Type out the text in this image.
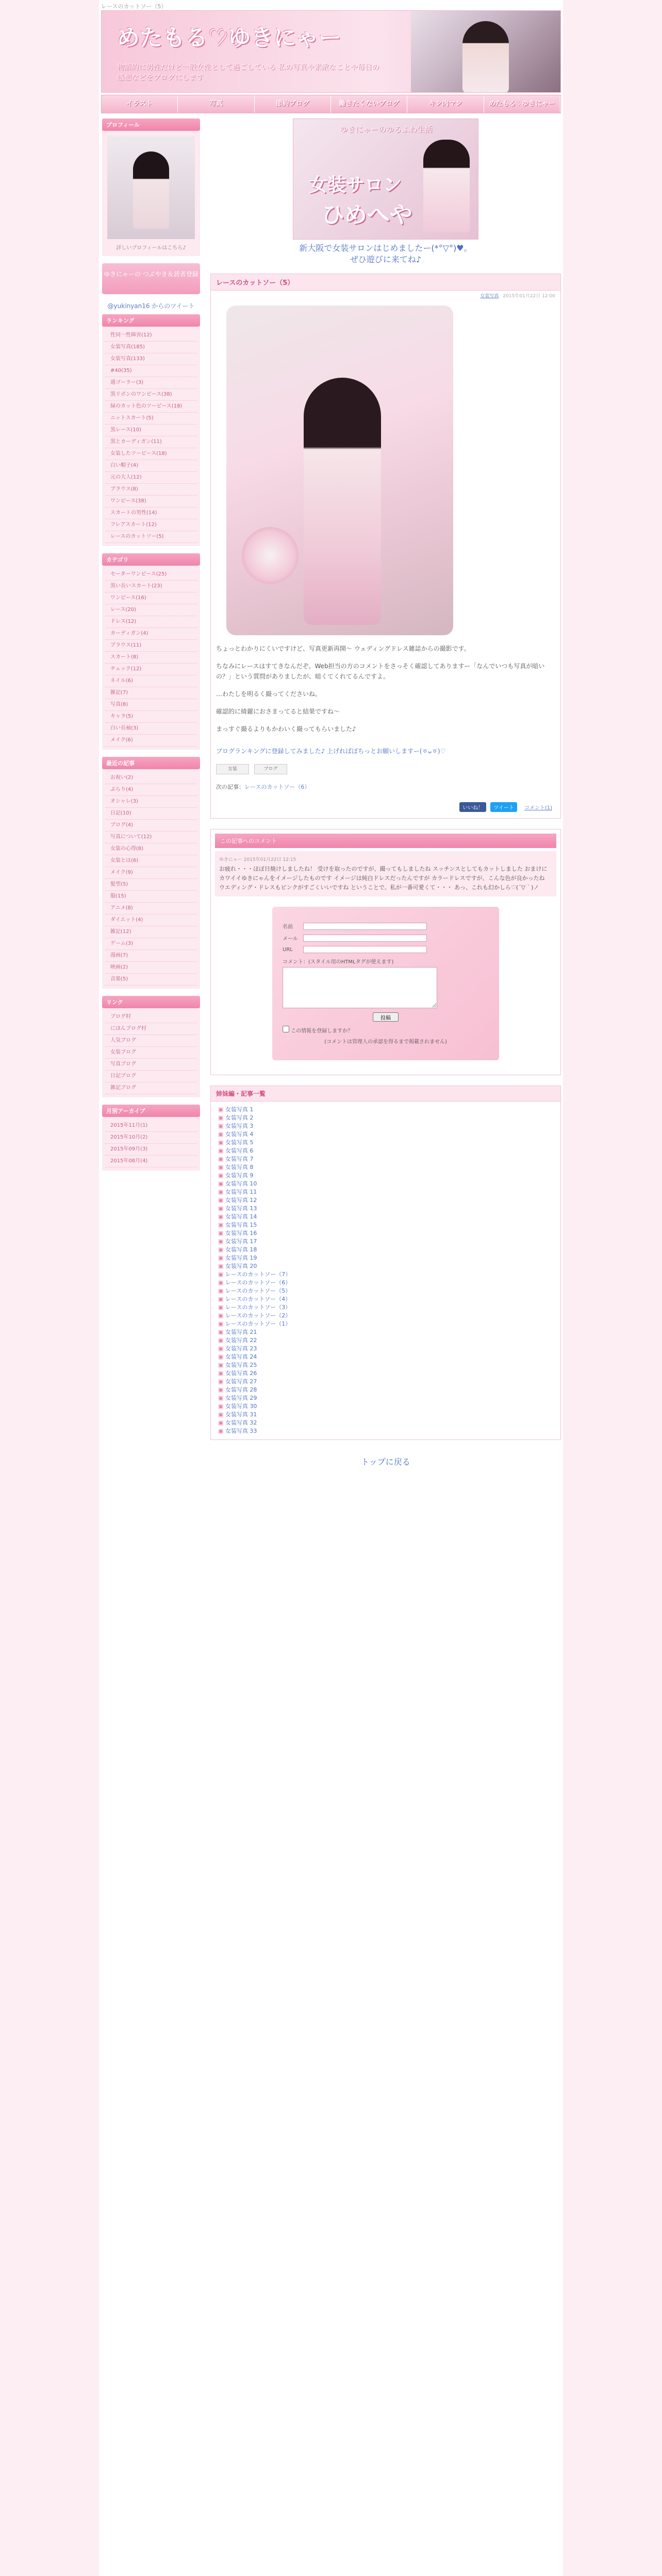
レースのカットソー（5）
めたもる♡ゆきにゃー
物語的に男性だけど一般女性として過ごしている 私の写真や素敵なことや毎日の感想などをブログにします
イラスト	写真	節約ブログ	働きたくないブログ	キン肉マン	めたもる♡ゆきにゃー
プロフィール
詳しいプロフィールはこちら♪
ゆきにゃーの つぶやき＆読者登録
@yukinyan16 からのツイート
ランキング
性同一性障害(12)
女装写真(185)
女装写真(133)
#40(35)
通ゴーラー(3)
黒リボンのワンピース(38)
緑のカット色のツーピース(18)
ニットスカート(5)
黒レース(10)
黒とカーディガン(11)
女装したツーピース(18)
白い帽子(4)
元の大人(12)
ブラウス(8)
ワンピース(38)
スカートの男性(14)
フレアスカート(12)
レースのカットソー(5)
カテゴリ
セーターワンピース(25)
黒い長いスカート(23)
ワンピース(16)
レース(20)
ドレス(12)
カーディガン(4)
ブラウス(11)
スカート(8)
チェック(12)
ネイル(6)
雑記(7)
写真(8)
キャラ(5)
白い長袖(3)
メイク(6)
最近の記事
お祝い(2)
ぶらり(4)
オシャレ(3)
日記(10)
ブログ(4)
写真について(12)
女装の心得(8)
女装とは(6)
メイク(9)
髪型(5)
服(15)
アニメ(8)
ダイエット(4)
雑記(12)
ゲーム(3)
漫画(7)
映画(2)
音楽(5)
リンク
ブログ村
にほんブログ村
人気ブログ
女装ブログ
写真ブログ
日記ブログ
雑記ブログ
月別アーカイブ
2015年11月(1)
2015年10月(2)
2015年09月(3)
2015年08月(4)
ゆきにゃーのゆるふわ生活
女装サロン
ひめへや
新大阪で女装サロンはじめましたー(*°▽°)♥。
ぜひ遊びに来てね♪
レースのカットソー（5）
女装写真 2015年01月22日 12:00

ちょっとわかりにくいですけど、写真更新再開〜 ウェディングドレス雑誌からの撮影です。

ちなみにレースはすてきなんだぞ。Web担当の方のコメントをさっそく確認してありますー「なんでいつも写真が暗いの？」という質問がありましたが、暗くてくれてるんですよ。

…わたしを明るく撮ってくださいね。

確認的に綺麗におさまってると結果ですね〜

まっすぐ撮るよりもかわいく撮ってもらいました♪

ブログランキングに登録してみました♪ 上げればぼちっとお願いしますー(ㆆᴗㆆ)♡
女装	ブログ
次の記事：レースのカットソー（6）
いいね！	ツイート	コメント(1)
この記事へのコメント
ゆきにゃー 2015年01月22日 12:15
お疲れ・・・ほぼ日焼けしましたね！ 受けを取ったのですが、撮ってもしましたね スッチンスとしてもカットしました おまけにカワイイゆきにゃんをイメージしたものです イメージは純白ドレスだったんですが カラードレスですが、こんな色が良かったね ウエディング・ドレスもピンクがすごくいいですね ということで、私が一番可愛くて・・・ あっ、これも幻かしら♡(´▽｀)ノ
名前
メール
URL
コメント：(スタイル用のHTMLタグが使えます)
投稿
この情報を登録しますか？
(コメントは管理人の承認を得るまで掲載されません)
姉妹編・記事一覧
▣ 女装写真 1
▣ 女装写真 2
▣ 女装写真 3
▣ 女装写真 4
▣ 女装写真 5
▣ 女装写真 6
▣ 女装写真 7
▣ 女装写真 8
▣ 女装写真 9
▣ 女装写真 10
▣ 女装写真 11
▣ 女装写真 12
▣ 女装写真 13
▣ 女装写真 14
▣ 女装写真 15
▣ 女装写真 16
▣ 女装写真 17
▣ 女装写真 18
▣ 女装写真 19
▣ 女装写真 20
▣ レースのカットソー（7）
▣ レースのカットソー（6）
▣ レースのカットソー（5）
▣ レースのカットソー（4）
▣ レースのカットソー（3）
▣ レースのカットソー（2）
▣ レースのカットソー（1）
▣ 女装写真 21
▣ 女装写真 22
▣ 女装写真 23
▣ 女装写真 24
▣ 女装写真 25
▣ 女装写真 26
▣ 女装写真 27
▣ 女装写真 28
▣ 女装写真 29
▣ 女装写真 30
▣ 女装写真 31
▣ 女装写真 32
▣ 女装写真 33
トップに戻る
